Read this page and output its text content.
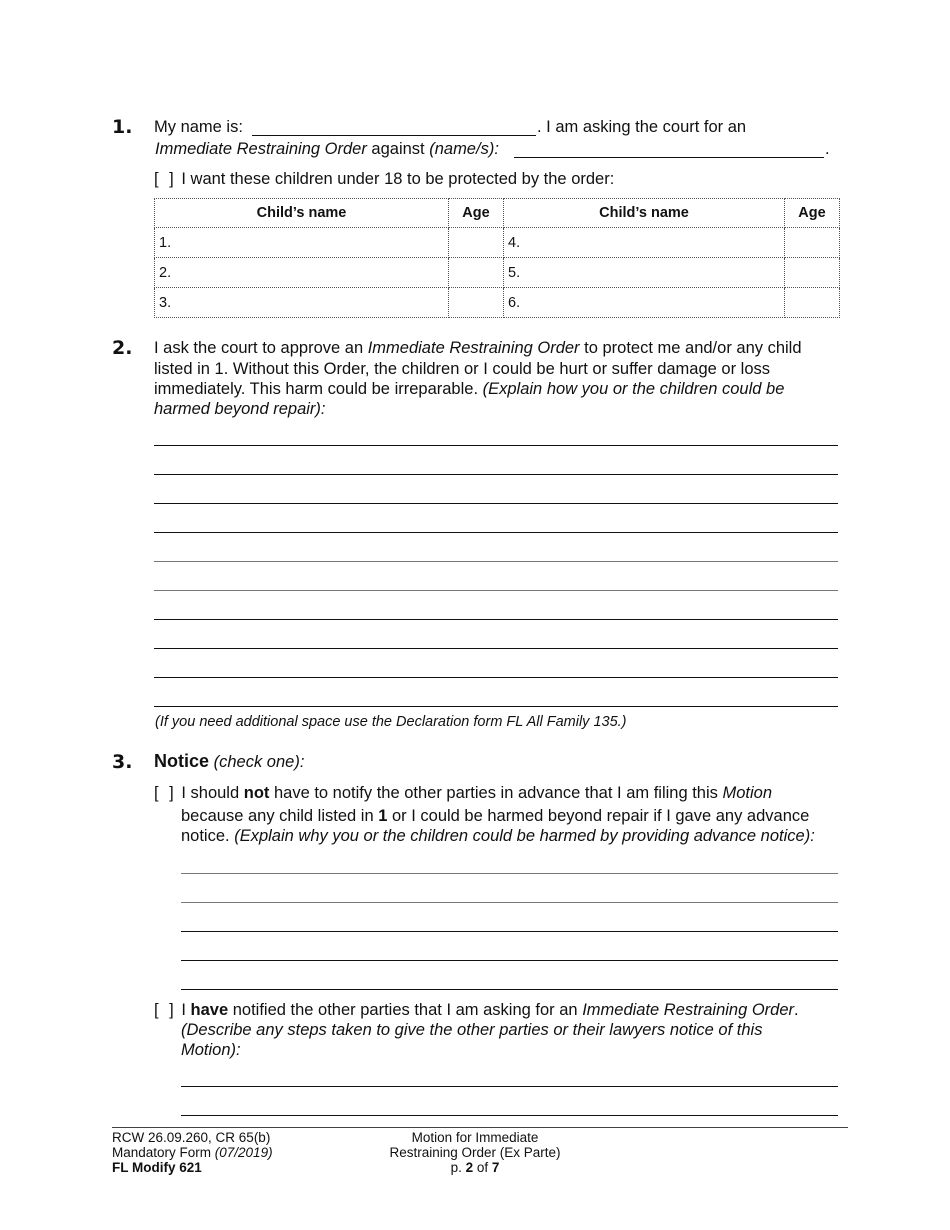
1. My name is:	. I am asking the court for an
Immediate Restraining Order against (name/s):	.
[ ] I want these children under 18 to be protected by the order:
Child’s name	Age	Child’s name	Age
1.		4.	
2.		5.	
3.		6.	
2. I ask the court to approve an Immediate Restraining Order to protect me and/or any child
listed in 1. Without this Order, the children or I could be hurt or suffer damage or loss
immediately. This harm could be irreparable. (Explain how you or the children could be
harmed beyond repair):
(If you need additional space use the Declaration form FL All Family 135.)
3. Notice (check one):
[ ] I should not have to notify the other parties in advance that I am filing this Motion
because any child listed in 1 or I could be harmed beyond repair if I gave any advance
notice. (Explain why you or the children could be harmed by providing advance notice):
[ ] I have notified the other parties that I am asking for an Immediate Restraining Order.
(Describe any steps taken to give the other parties or their lawyers notice of this
Motion):
RCW 26.09.260, CR 65(b)
Mandatory Form (07/2019)
FL Modify 621
Motion for Immediate
Restraining Order (Ex Parte)
p. 2 of 7
